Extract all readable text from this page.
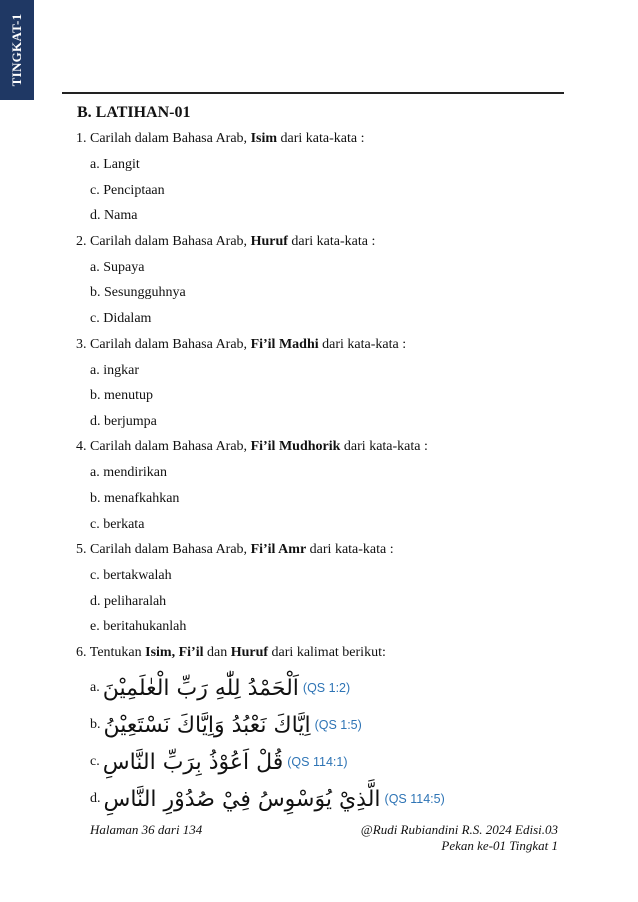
TINGKAT-1
B. LATIHAN-01
1. Carilah dalam Bahasa Arab, Isim dari kata-kata :
a. Langit
c. Penciptaan
d. Nama
2. Carilah dalam Bahasa Arab, Huruf dari kata-kata :
a. Supaya
b. Sesungguhnya
c. Didalam
3. Carilah dalam Bahasa Arab, Fi’il Madhi dari kata-kata :
a. ingkar
b. menutup
d. berjumpa
4. Carilah dalam Bahasa Arab, Fi’il Mudhorik dari kata-kata :
a. mendirikan
b. menafkahkan
c. berkata
5. Carilah dalam Bahasa Arab, Fi’il Amr dari kata-kata :
c. bertakwalah
d. peliharalah
e. beritahukanlah
6. Tentukan Isim, Fi’il dan Huruf dari kalimat berikut:
a. اَلْحَمْدُ لِلّٰهِ رَبِّ الْعٰلَمِيْنَ (QS 1:2)
b. اِيَّاكَ نَعْبُدُ وَاِيَّاكَ نَسْتَعِيْنُ (QS 1:5)
c. قُلْ اَعُوْذُ بِرَبِّ النَّاسِ (QS 114:1)
d. الَّذِيْ يُوَسْوِسُ فِيْ صُدُوْرِ النَّاسِ (QS 114:5)
Halaman 36 dari 134	@Rudi Rubiandini R.S. 2024 Edisi.03
Pekan ke-01 Tingkat 1
